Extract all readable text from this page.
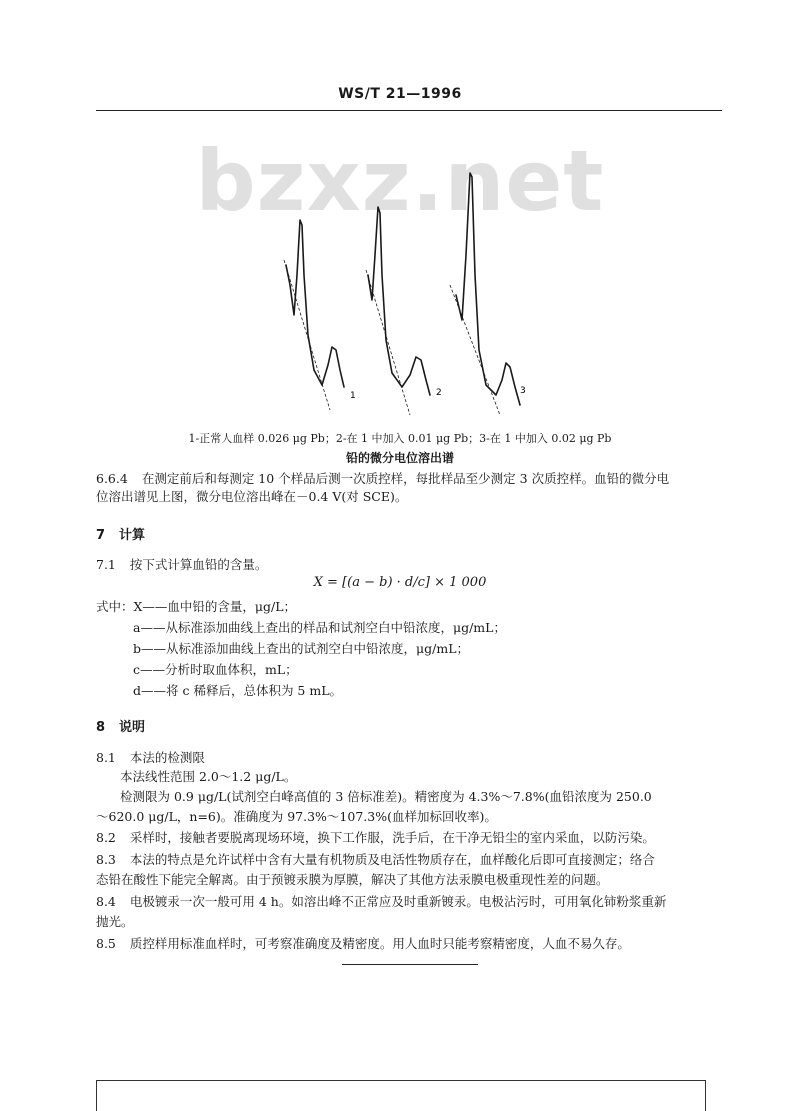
WS/T 21—1996
bzxz.net
1	2	3
1-正常人血样 0.026 μg Pb；2-在 1 中加入 0.01 μg Pb；3-在 1 中加入 0.02 μg Pb
铅的微分电位溶出谱
6.6.4 在测定前后和每测定 10 个样品后测一次质控样，每批样品至少测定 3 次质控样。血铅的微分电
位溶出谱见上图，微分电位溶出峰在－0.4 V(对 SCE)。
7 计算
7.1 按下式计算血铅的含量。
X = [(a − b) · d/c] × 1 000
式中：X——血中铅的含量，μg/L；
a——从标准添加曲线上查出的样品和试剂空白中铅浓度，μg/mL；
b——从标准添加曲线上查出的试剂空白中铅浓度，μg/mL；
c——分析时取血体积，mL；
d——将 c 稀释后，总体积为 5 mL。
8 说明
8.1 本法的检测限
本法线性范围 2.0～1.2 μg/L。
检测限为 0.9 μg/L(试剂空白峰高值的 3 倍标准差)。精密度为 4.3%～7.8%(血铅浓度为 250.0
～620.0 μg/L，n=6)。准确度为 97.3%～107.3%(血样加标回收率)。
8.2 采样时，接触者要脱离现场环境，换下工作服，洗手后，在干净无铅尘的室内采血，以防污染。
8.3 本法的特点是允许试样中含有大量有机物质及电活性物质存在，血样酸化后即可直接测定；络合
态铅在酸性下能完全解离。由于预镀汞膜为厚膜，解决了其他方法汞膜电极重现性差的问题。
8.4 电极镀汞一次一般可用 4 h。如溶出峰不正常应及时重新镀汞。电极沾污时，可用氧化铈粉浆重新
抛光。
8.5 质控样用标准血样时，可考察准确度及精密度。用人血时只能考察精密度，人血不易久存。
